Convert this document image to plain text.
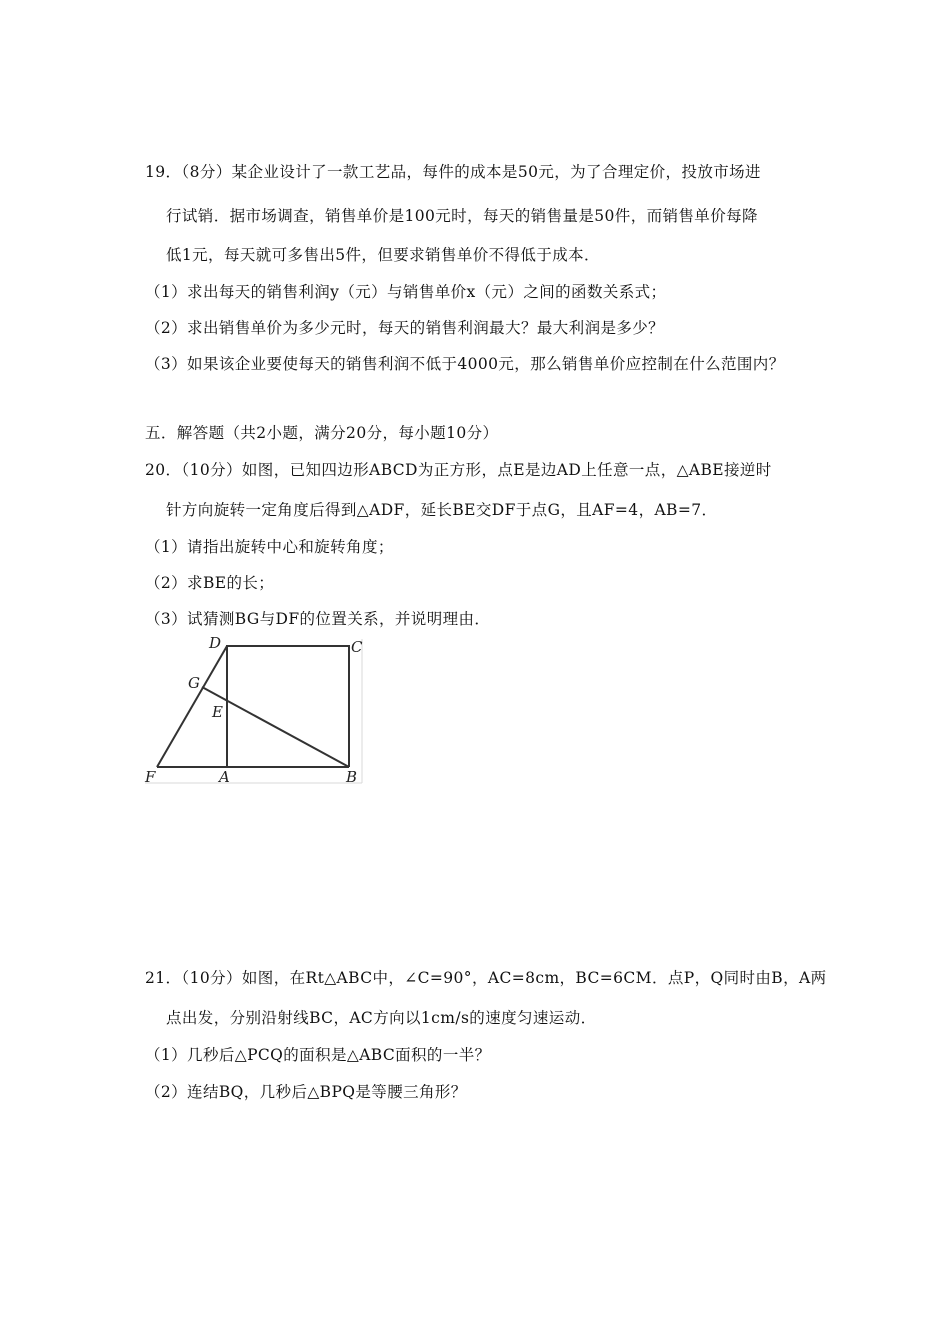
19．（8分）某企业设计了一款工艺品，每件的成本是50元，为了合理定价，投放市场进
行试销．据市场调查，销售单价是100元时，每天的销售量是50件，而销售单价每降
低1元，每天就可多售出5件，但要求销售单价不得低于成本．
（1）求出每天的销售利润y（元）与销售单价x（元）之间的函数关系式；
（2）求出销售单价为多少元时，每天的销售利润最大？最大利润是多少？
（3）如果该企业要使每天的销售利润不低于4000元，那么销售单价应控制在什么范围内？
五．解答题（共2小题，满分20分，每小题10分）
20．（10分）如图，已知四边形ABCD为正方形，点E是边AD上任意一点，△ABE接逆时
针方向旋转一定角度后得到△ADF，延长BE交DF于点G，且AF=4，AB=7．
（1）请指出旋转中心和旋转角度；
（2）求BE的长；
（3）试猜测BG与DF的位置关系，并说明理由．
D	C
G
E
F	A	B
21．（10分）如图，在Rt△ABC中，∠C=90°，AC=8cm，BC=6CM．点P，Q同时由B，A两
点出发，分别沿射线BC，AC方向以1cm/s的速度匀速运动．
（1）几秒后△PCQ的面积是△ABC面积的一半？
（2）连结BQ，几秒后△BPQ是等腰三角形？
